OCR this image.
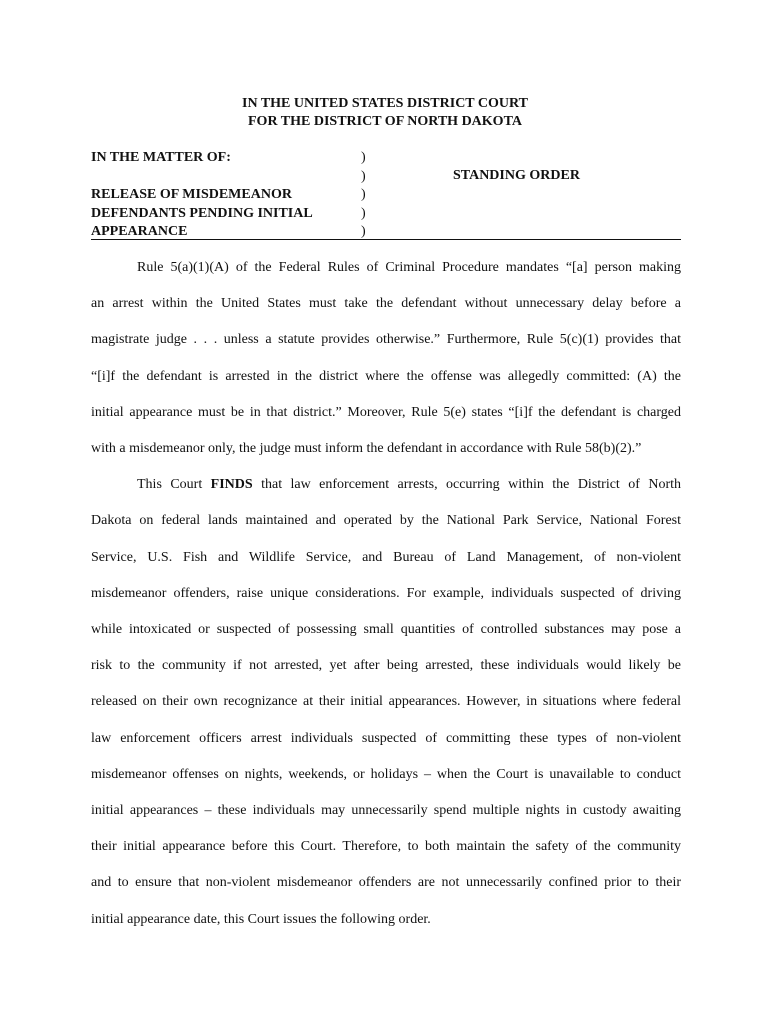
IN THE UNITED STATES DISTRICT COURT
FOR THE DISTRICT OF NORTH DAKOTA
IN THE MATTER OF:
RELEASE OF MISDEMEANOR
DEFENDANTS PENDING INITIAL
APPEARANCE
)
)
)
)
)
STANDING ORDER

Rule 5(a)(1)(A) of the Federal Rules of Criminal Procedure mandates “[a] person making
an arrest within the United States must take the defendant without unnecessary delay before a
magistrate judge . . . unless a statute provides otherwise.” Furthermore, Rule 5(c)(1) provides that
“[i]f the defendant is arrested in the district where the offense was allegedly committed: (A) the
initial appearance must be in that district.” Moreover, Rule 5(e) states “[i]f the defendant is charged
with a misdemeanor only, the judge must inform the defendant in accordance with Rule 58(b)(2).”

This Court FINDS that law enforcement arrests, occurring within the District of North
Dakota on federal lands maintained and operated by the National Park Service, National Forest
Service, U.S. Fish and Wildlife Service, and Bureau of Land Management, of non-violent
misdemeanor offenders, raise unique considerations. For example, individuals suspected of driving
while intoxicated or suspected of possessing small quantities of controlled substances may pose a
risk to the community if not arrested, yet after being arrested, these individuals would likely be
released on their own recognizance at their initial appearances. However, in situations where federal
law enforcement officers arrest individuals suspected of committing these types of non-violent
misdemeanor offenses on nights, weekends, or holidays – when the Court is unavailable to conduct
initial appearances – these individuals may unnecessarily spend multiple nights in custody awaiting
their initial appearance before this Court. Therefore, to both maintain the safety of the community
and to ensure that non-violent misdemeanor offenders are not unnecessarily confined prior to their
initial appearance date, this Court issues the following order.
